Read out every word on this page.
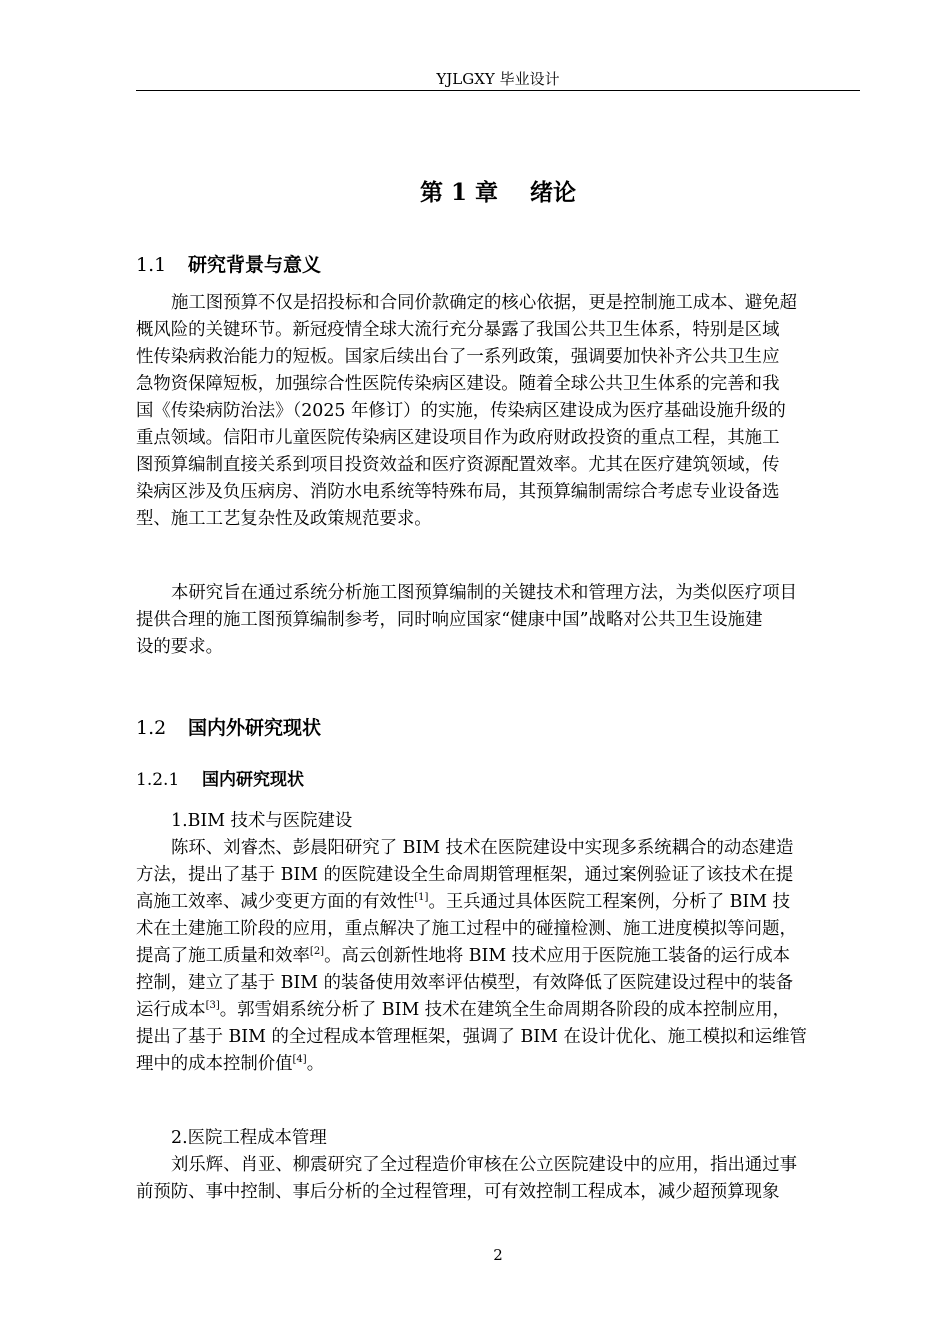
YJLGXY 毕业设计
第 1 章    绪论
1.1 研究背景与意义
施工图预算不仅是招投标和合同价款确定的核心依据，更是控制施工成本、避免超
概风险的关键环节。新冠疫情全球大流行充分暴露了我国公共卫生体系，特别是区域
性传染病救治能力的短板。国家后续出台了一系列政策，强调要加快补齐公共卫生应
急物资保障短板，加强综合性医院传染病区建设。随着全球公共卫生体系的完善和我
国《传染病防治法》（2025 年修订）的实施，传染病区建设成为医疗基础设施升级的
重点领域。信阳市儿童医院传染病区建设项目作为政府财政投资的重点工程，其施工
图预算编制直接关系到项目投资效益和医疗资源配置效率。尤其在医疗建筑领域，传
染病区涉及负压病房、消防水电系统等特殊布局，其预算编制需综合考虑专业设备选
型、施工工艺复杂性及政策规范要求。
本研究旨在通过系统分析施工图预算编制的关键技术和管理方法，为类似医疗项目
提供合理的施工图预算编制参考，同时响应国家“健康中国”战略对公共卫生设施建
设的要求。
1.2 国内外研究现状
1.2.1 国内研究现状
1.BIM 技术与医院建设
陈环、刘睿杰、彭晨阳研究了 BIM 技术在医院建设中实现多系统耦合的动态建造
方法，提出了基于 BIM 的医院建设全生命周期管理框架，通过案例验证了该技术在提
高施工效率、减少变更方面的有效性[1]。王兵通过具体医院工程案例，分析了 BIM 技
术在土建施工阶段的应用，重点解决了施工过程中的碰撞检测、施工进度模拟等问题，
提高了施工质量和效率[2]。高云创新性地将 BIM 技术应用于医院施工装备的运行成本
控制，建立了基于 BIM 的装备使用效率评估模型，有效降低了医院建设过程中的装备
运行成本[3]。郭雪娟系统分析了 BIM 技术在建筑全生命周期各阶段的成本控制应用，
提出了基于 BIM 的全过程成本管理框架，强调了 BIM 在设计优化、施工模拟和运维管
理中的成本控制价值[4]。
2.医院工程成本管理
刘乐辉、肖亚、柳震研究了全过程造价审核在公立医院建设中的应用，指出通过事
前预防、事中控制、事后分析的全过程管理，可有效控制工程成本，减少超预算现象
2
